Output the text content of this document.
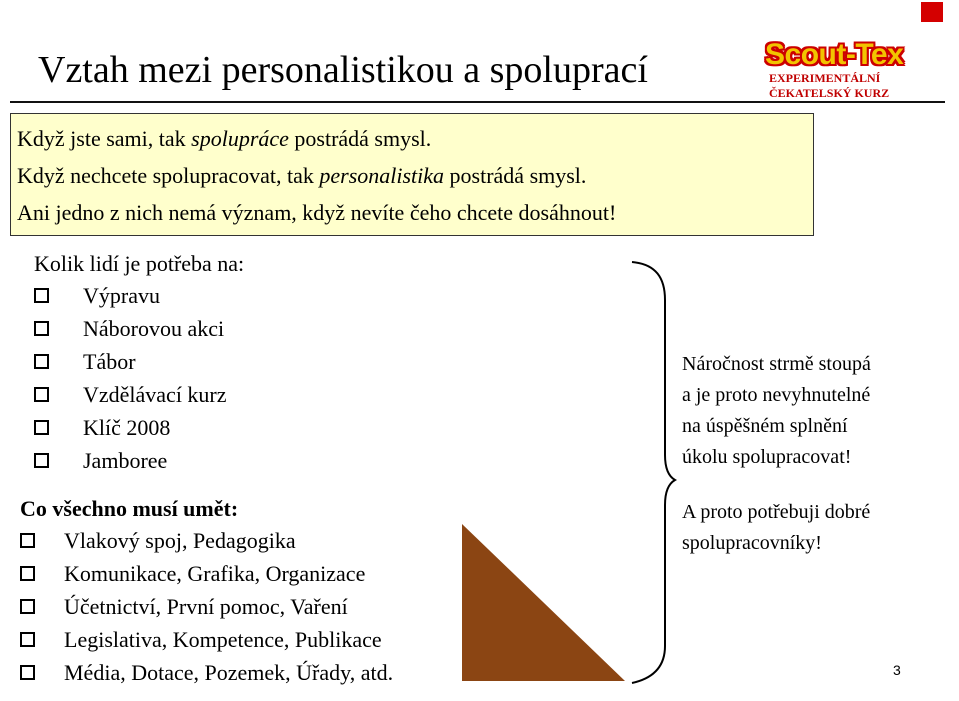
Vztah mezi personalistikou a spoluprací	Scout-Tex
EXPERIMENTÁLNÍ
ČEKATELSKÝ KURZ
Když jste sami, tak spolupráce postrádá smysl.
Když nechcete spolupracovat, tak personalistika postrádá smysl.
Ani jedno z nich nemá význam, když nevíte čeho chcete dosáhnout!
Kolik lidí je potřeba na:
Výpravu
Náborovou akci
Tábor
Vzdělávací kurz
Klíč 2008
Jamboree
Co všechno musí umět:
Vlakový spoj, Pedagogika
Komunikace, Grafika, Organizace
Účetnictví, První pomoc, Vaření
Legislativa, Kompetence, Publikace
Média, Dotace, Pozemek, Úřady, atd.
Náročnost strmě stoupá
a je proto nevyhnutelné
na úspěšném splnění
úkolu spolupracovat!
A proto potřebuji dobré
spolupracovníky!
3
